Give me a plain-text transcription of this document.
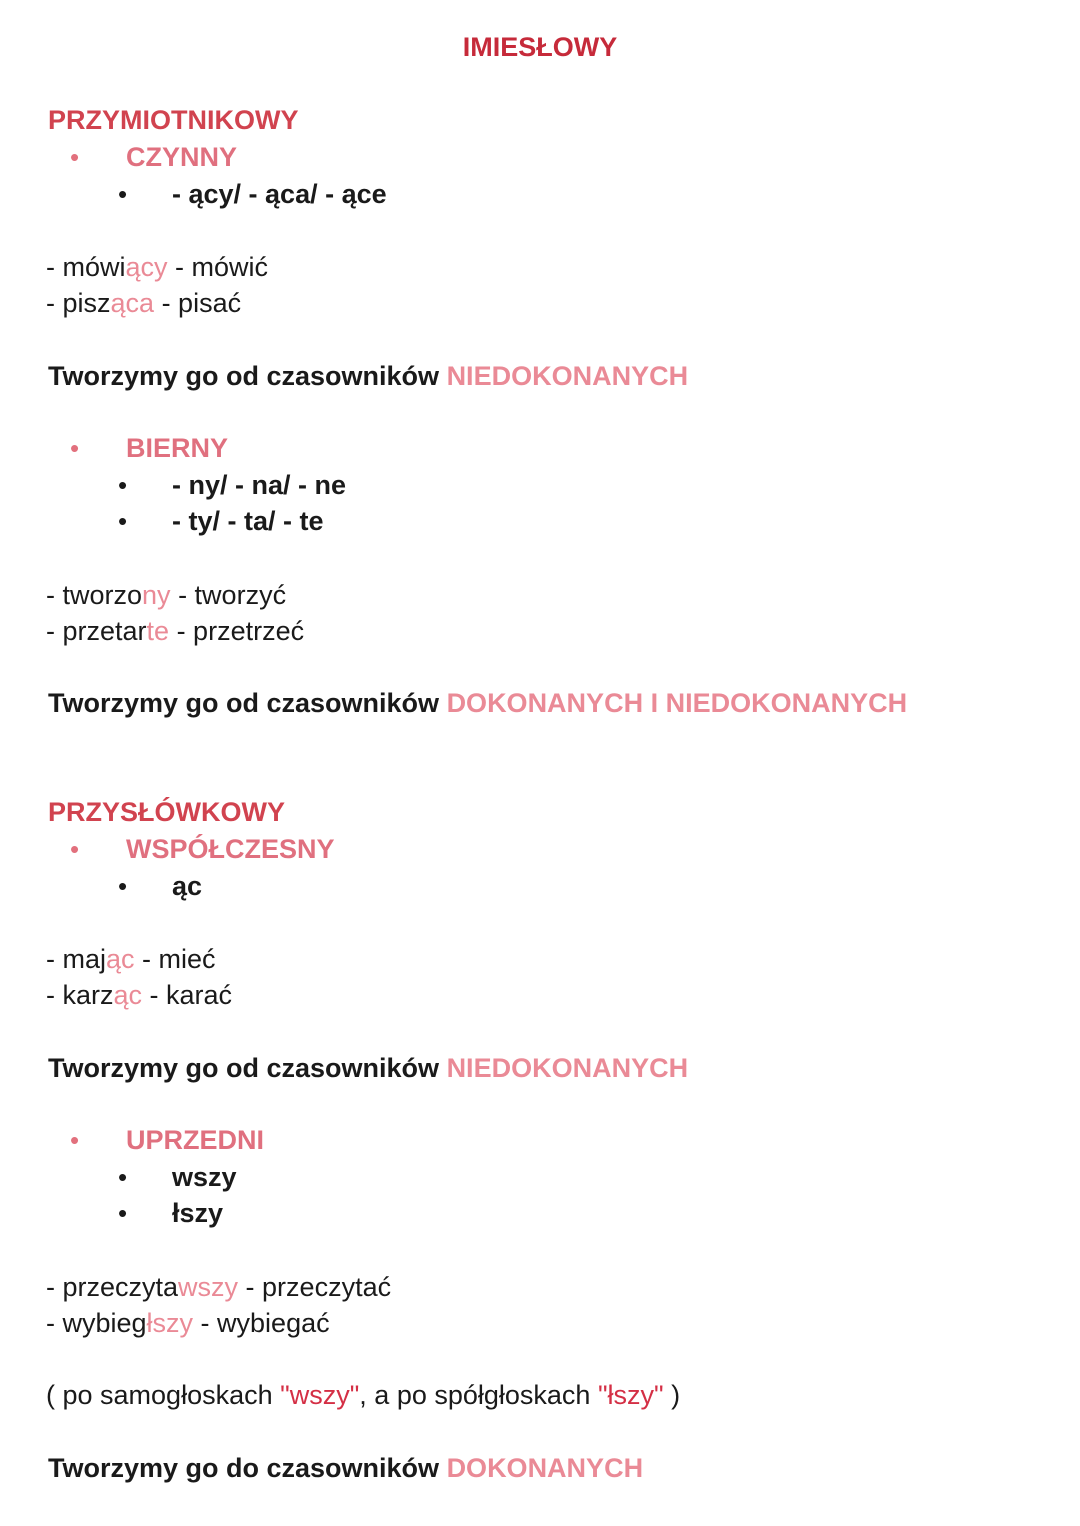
IMIESŁOWY
PRZYMIOTNIKOWY
• CZYNNY
• - ący/ - ąca/ - ące
- mówiący - mówić
- pisząca - pisać
Tworzymy go od czasowników NIEDOKONANYCH
• BIERNY
• - ny/ - na/ - ne
• - ty/ - ta/ - te
- tworzony - tworzyć
- przetarte - przetrzeć
Tworzymy go od czasowników DOKONANYCH I NIEDOKONANYCH
PRZYSŁÓWKOWY
• WSPÓŁCZESNY
• ąc
- mając - mieć
- karząc - karać
Tworzymy go od czasowników NIEDOKONANYCH
• UPRZEDNI
• wszy
• łszy
- przeczytawszy - przeczytać
- wybiegłszy - wybiegać
( po samogłoskach "wszy", a po spółgłoskach "łszy" )
Tworzymy go do czasowników DOKONANYCH
